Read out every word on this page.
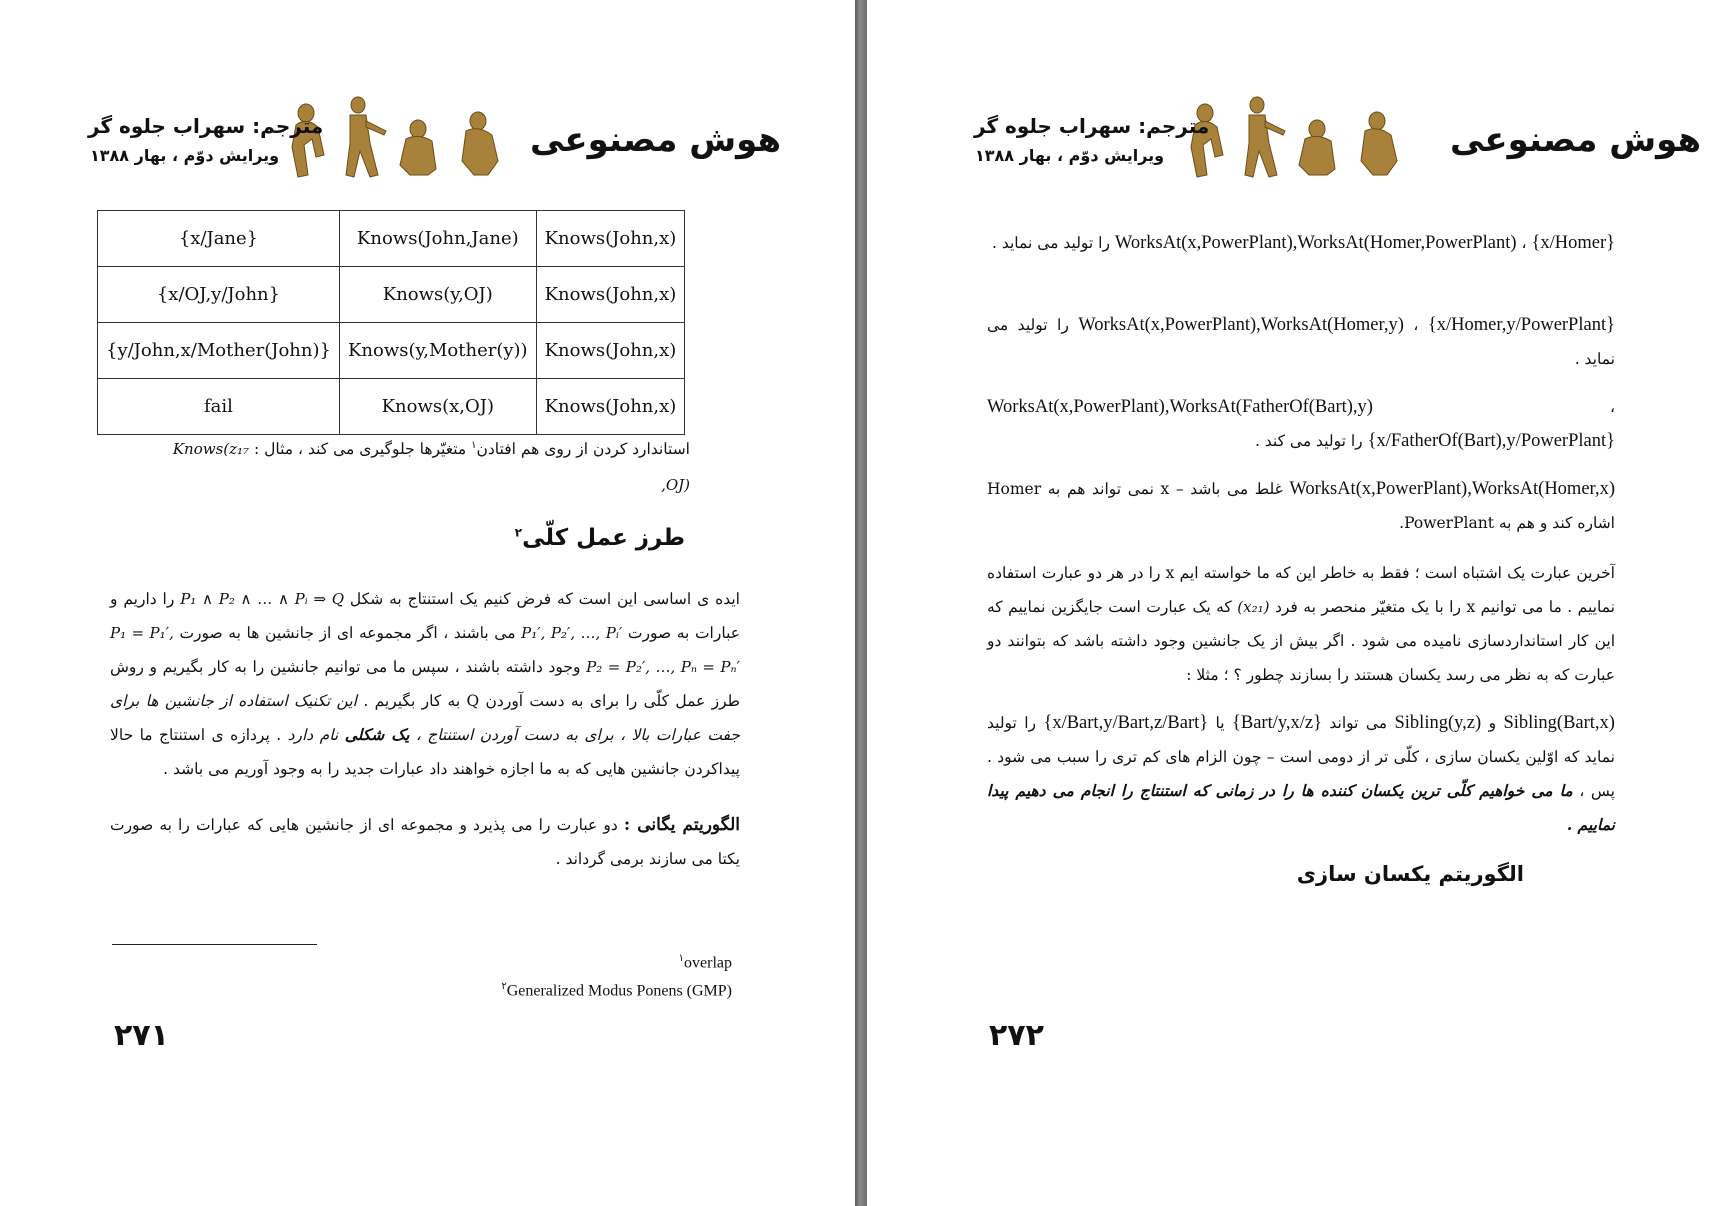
هوش مصنوعی
مترجم: سهراب جلوه گر
ویرایش دوّم ، بهار ۱۳۸۸
{x/Jane}	Knows(John,Jane)	Knows(John,x)
{x/OJ,y/John}	Knows(y,OJ)	Knows(John,x)
{y/John,x/Mother(John)}	Knows(y,Mother(y))	Knows(John,x)
fail	Knows(x,OJ)	Knows(John,x)
استاندارد کردن از روی هم افتادن$^۱$ متغیّرها جلوگیری می کند ، مثال : Knows(z₁₇ ,OJ)
طرز عمل کلّی$^۲$
ایده ی اساسی این است که فرض کنیم یک استنتاج به شکل P₁ ∧ P₂ ∧ … ∧ Pᵢ ⇒ Q را داریم و عبارات به صورت P₁′, P₂′, …, Pᵢ′ می باشند ، اگر مجموعه ای از جانشین ها به صورت P₁ = P₁′, P₂ = P₂′, …, Pₙ = Pₙ′ وجود داشته باشند ، سپس ما می توانیم جانشین را به کار بگیریم و روش طرز عمل کلّی را برای به دست آوردن Q به کار بگیریم . این تکنیک استفاده از جانشین ها برای جفت عبارات بالا ، برای به دست آوردن استنتاج ، یک شکلی نام دارد . پردازه ی استنتاج ما حالا پیداکردن جانشین هایی که به ما اجازه خواهند داد عبارات جدید را به وجود آوریم می باشد .
الگوریتم یگانی : دو عبارت را می پذیرد و مجموعه ای از جانشین هایی که عبارات را به صورت یکتا می سازند برمی گرداند .
$^۱$overlap
$^۲$Generalized Modus Ponens (GMP)
۲۷۱
هوش مصنوعی
مترجم: سهراب جلوه گر
ویرایش دوّم ، بهار ۱۳۸۸
WorksAt(x,PowerPlant),WorksAt(Homer,PowerPlant) ، {x/Homer} را تولید می نماید .
WorksAt(x,PowerPlant),WorksAt(Homer,y) ، {x/Homer,y/PowerPlant} را تولید می نماید .
WorksAt(x,PowerPlant),WorksAt(FatherOf(Bart),y)	، {x/FatherOf(Bart),y/PowerPlant} را تولید می کند .
WorksAt(x,PowerPlant),WorksAt(Homer,x) غلط می باشد – x نمی تواند هم به Homer اشاره کند و هم به PowerPlant.
آخرین عبارت یک اشتباه است ؛ فقط به خاطر این که ما خواسته ایم x را در هر دو عبارت استفاده نماییم . ما می توانیم x را با یک متغیّر منحصر به فرد (x₂₁) که یک عبارت است جایگزین نماییم که این کار استانداردسازی نامیده می شود . اگر بیش از یک جانشین وجود داشته باشد که بتوانند دو عبارت که به نظر می رسد یکسان هستند را بسازند چطور ؟ ؛ مثلا :
Sibling(Bart,x) و Sibling(y,z) می تواند {Bart/y,x/z} یا {x/Bart,y/Bart,z/Bart} را تولید نماید که اوّلین یکسان سازی ، کلّی تر از دومی است – چون الزام های کم تری را سبب می شود . پس ، ما می خواهیم کلّی ترین یکسان کننده ها را در زمانی که استنتاج را انجام می دهیم پیدا نماییم .
الگوریتم یکسان سازی
۲۷۲
